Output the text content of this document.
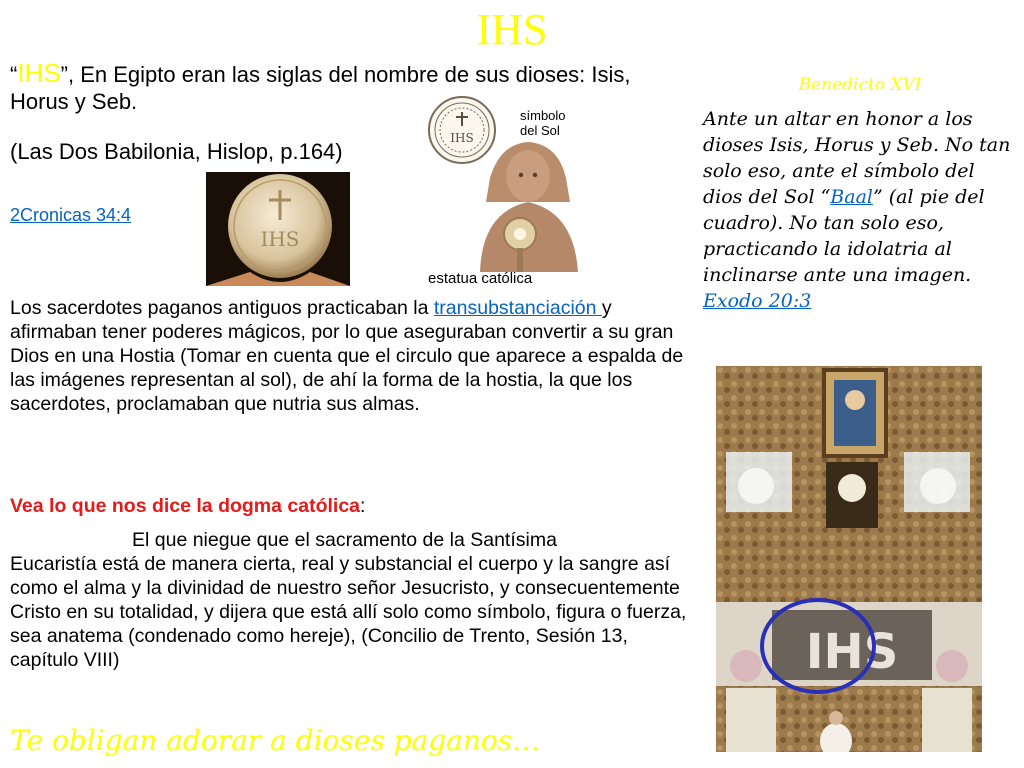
IHS
“IHS”, En Egipto eran las siglas del nombre de sus dioses: Isis, Horus y Seb.
(Las Dos Babilonia, Hislop, p.164)
2Cronicas 34:4
IHS
IHS
símbolo del Sol
estatua católica
Los sacerdotes paganos antiguos practicaban la transubstanciación y afirmaban tener poderes mágicos, por lo que aseguraban convertir a su gran Dios en una Hostia (Tomar en cuenta que el circulo que aparece a espalda de las imágenes representan al sol), de ahí la forma de la hostia, la que los sacerdotes, proclamaban que nutria sus almas.
Vea lo que nos dice la dogma católica:
El que niegue que el sacramento de la Santísima
Eucaristía está de manera cierta, real y substancial el cuerpo y la sangre así como el alma y la divinidad de nuestro señor Jesucristo, y consecuentemente Cristo en su totalidad, y dijera que está allí solo como símbolo, figura o fuerza, sea anatema (condenado como hereje), (Concilio de Trento, Sesión 13, capítulo VIII)
Te obligan adorar a dioses paganos…
Benedicto XVI
Ante un altar en honor a los dioses Isis, Horus y Seb. No tan solo eso, ante el símbolo del dios del Sol “Baal” (al pie del cuadro). No tan solo eso, practicando la idolatria al inclinarse ante una imagen. Exodo 20:3
IHS
